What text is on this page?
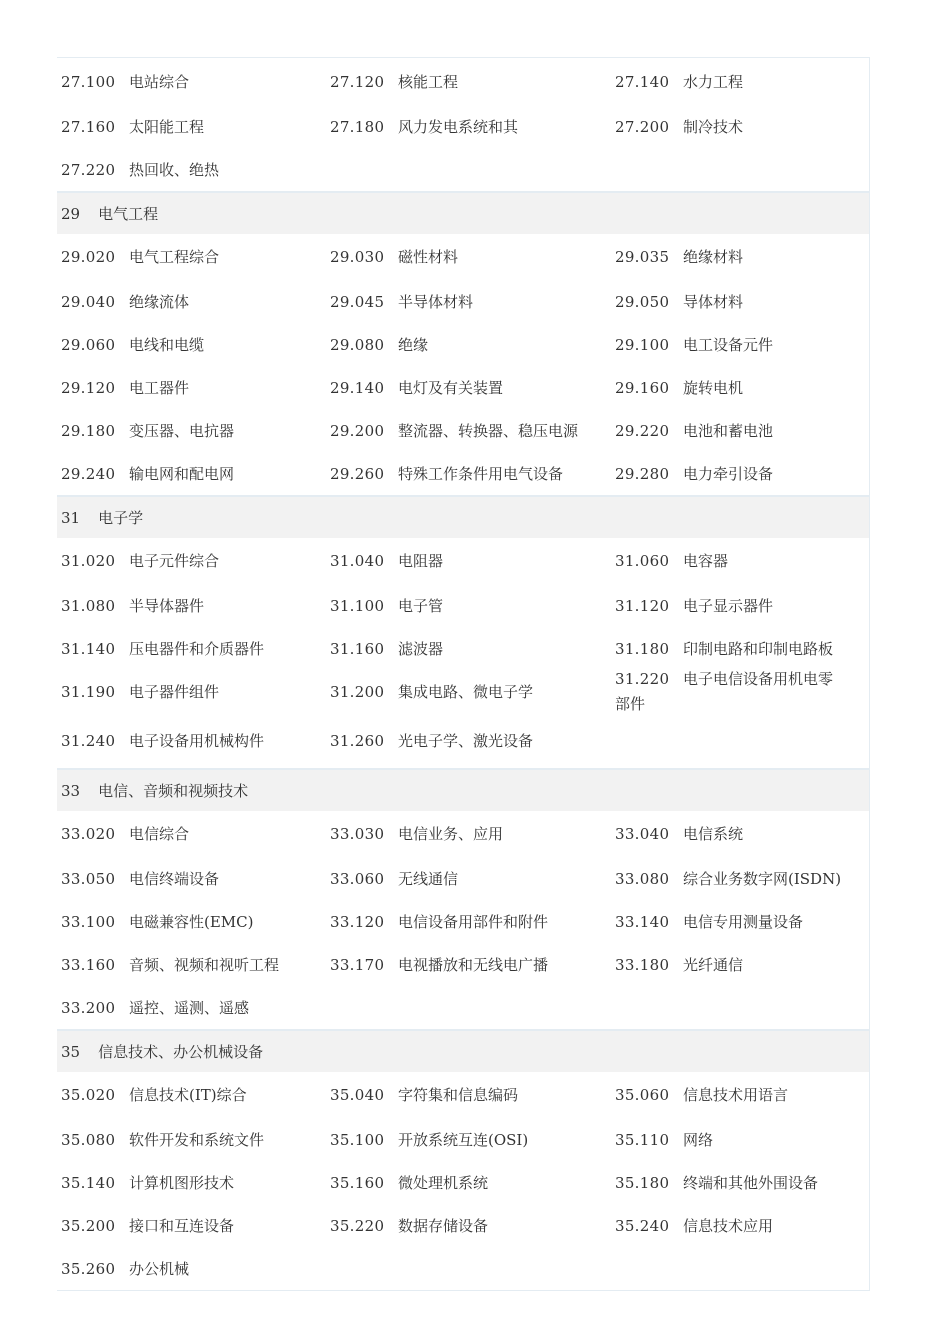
27.100 电站综合	27.120 核能工程	27.140 水力工程
27.160 太阳能工程	27.180 风力发电系统和其	27.200 制冷技术
27.220 热回收、绝热
29 电气工程
29.020 电气工程综合	29.030 磁性材料	29.035 绝缘材料
29.040 绝缘流体	29.045 半导体材料	29.050 导体材料
29.060 电线和电缆	29.080 绝缘	29.100 电工设备元件
29.120 电工器件	29.140 电灯及有关装置	29.160 旋转电机
29.180 变压器、电抗器	29.200 整流器、转换器、稳压电源 29.220 电池和蓄电池
29.240 输电网和配电网	29.260 特殊工作条件用电气设备	29.280 电力牵引设备
31 电子学
31.020 电子元件综合	31.040 电阻器	31.060 电容器
31.080 半导体器件	31.100 电子管	31.120 电子显示器件
31.140 压电器件和介质器件	31.160 滤波器	31.180 印制电路和印制电路板
31.190 电子器件组件	31.200 集成电路、微电子学
31.220 电子电信设备用机电零
部件
31.240 电子设备用机械构件	31.260 光电子学、激光设备
33 电信、音频和视频技术
33.020 电信综合	33.030 电信业务、应用	33.040 电信系统
33.050 电信终端设备	33.060 无线通信	33.080 综合业务数字网(ISDN)
33.100 电磁兼容性(EMC)	33.120 电信设备用部件和附件	33.140 电信专用测量设备
33.160 音频、视频和视听工程	33.170 电视播放和无线电广播	33.180 光纤通信
33.200 遥控、遥测、遥感
35 信息技术、办公机械设备
35.020 信息技术(IT)综合	35.040 字符集和信息编码	35.060 信息技术用语言
35.080 软件开发和系统文件	35.100 开放系统互连(OSI)	35.110 网络
35.140 计算机图形技术	35.160 微处理机系统	35.180 终端和其他外围设备
35.200 接口和互连设备	35.220 数据存储设备	35.240 信息技术应用
35.260 办公机械
